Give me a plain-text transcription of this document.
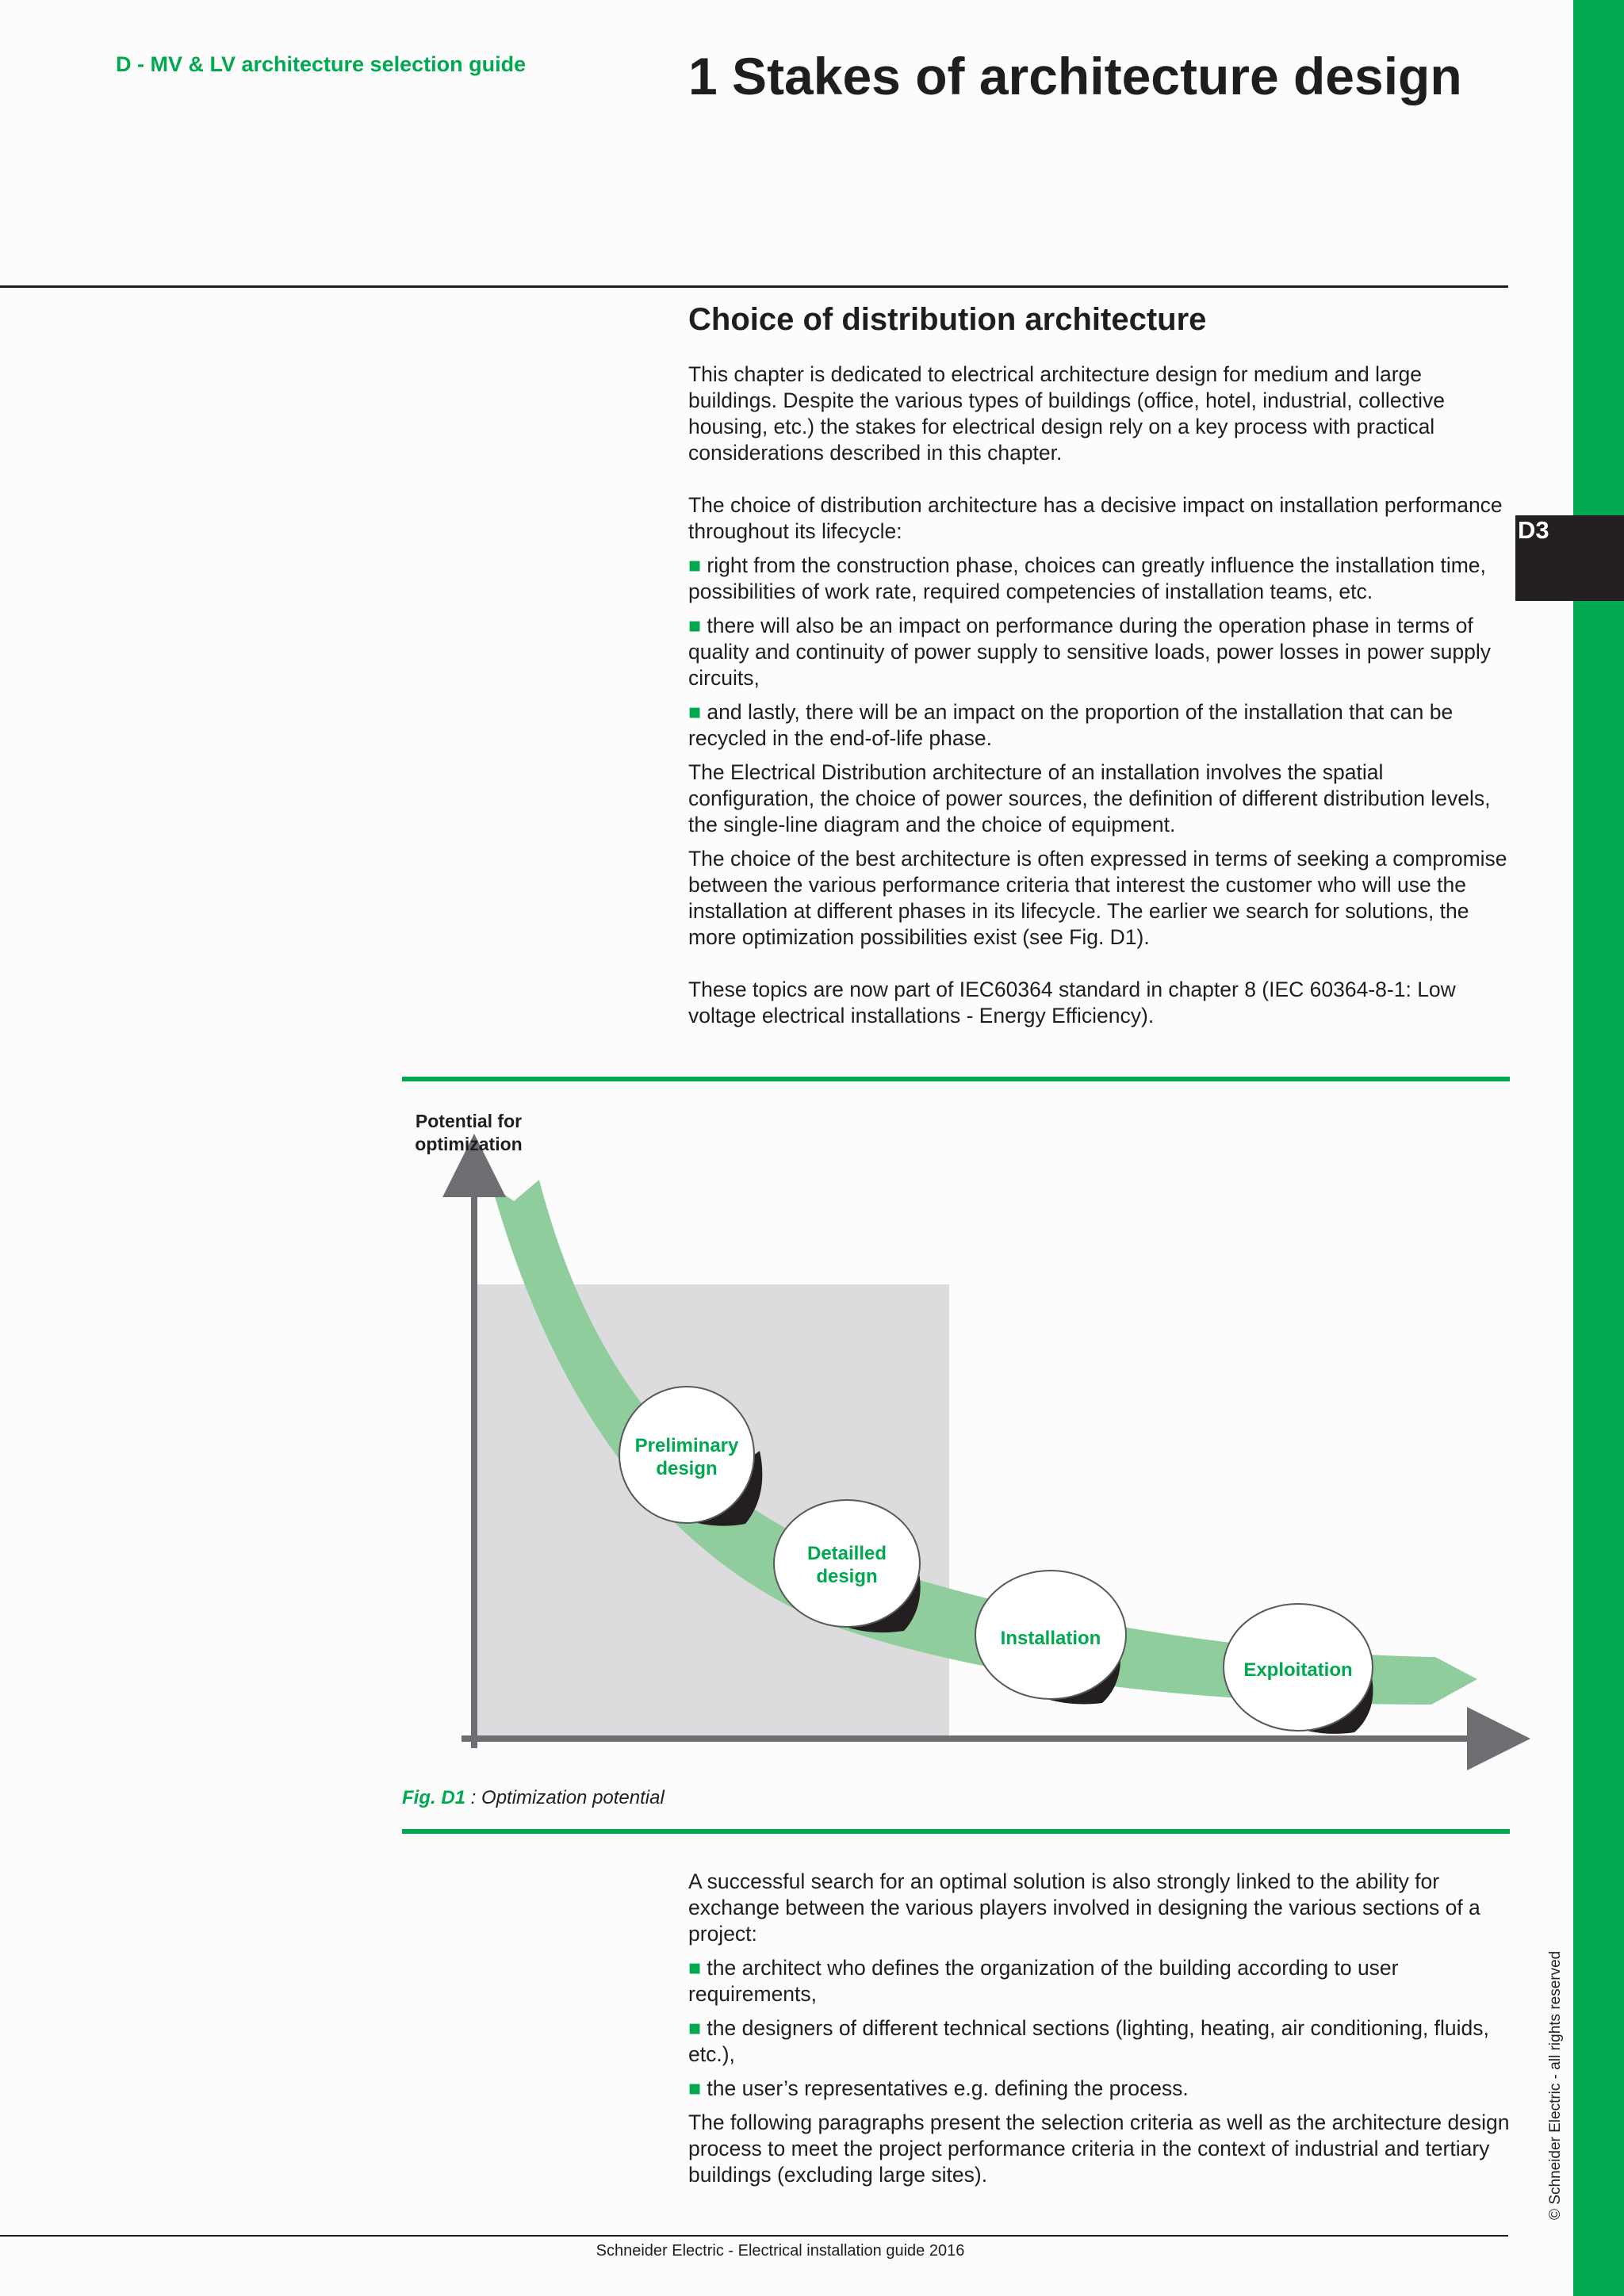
D3
© Schneider Electric - all rights reserved
D - MV & LV architecture selection guide	1 Stakes of architecture design
Choice of distribution architecture

This chapter is dedicated to electrical architecture design for medium and large buildings. Despite the various types of buildings (office, hotel, industrial, collective housing, etc.) the stakes for electrical design rely on a key process with practical considerations described in this chapter.

The choice of distribution architecture has a decisive impact on installation performance throughout its lifecycle:

■ right from the construction phase, choices can greatly influence the installation time, possibilities of work rate, required competencies of installation teams, etc.

■ there will also be an impact on performance during the operation phase in terms of quality and continuity of power supply to sensitive loads, power losses in power supply circuits,

■ and lastly, there will be an impact on the proportion of the installation that can be recycled in the end-of-life phase.

The Electrical Distribution architecture of an installation involves the spatial configuration, the choice of power sources, the definition of different distribution levels, the single-line diagram and the choice of equipment.

The choice of the best architecture is often expressed in terms of seeking a compromise between the various performance criteria that interest the customer who will use the installation at different phases in its lifecycle. The earlier we search for solutions, the more optimization possibilities exist (see Fig. D1).

These topics are now part of IEC60364 standard in chapter 8 (IEC 60364-8-1: Low voltage electrical installations - Energy Efficiency).

Potential for
optimization
Preliminary
design
Detailled
design
Installation
Exploitation
Fig. D1 : Optimization potential

A successful search for an optimal solution is also strongly linked to the ability for exchange between the various players involved in designing the various sections of a project:

■ the architect who defines the organization of the building according to user requirements,

■ the designers of different technical sections (lighting, heating, air conditioning, fluids, etc.),

■ the user’s representatives e.g. defining the process.

The following paragraphs present the selection criteria as well as the architecture design process to meet the project performance criteria in the context of industrial and tertiary buildings (excluding large sites).

Schneider Electric - Electrical installation guide 2016
